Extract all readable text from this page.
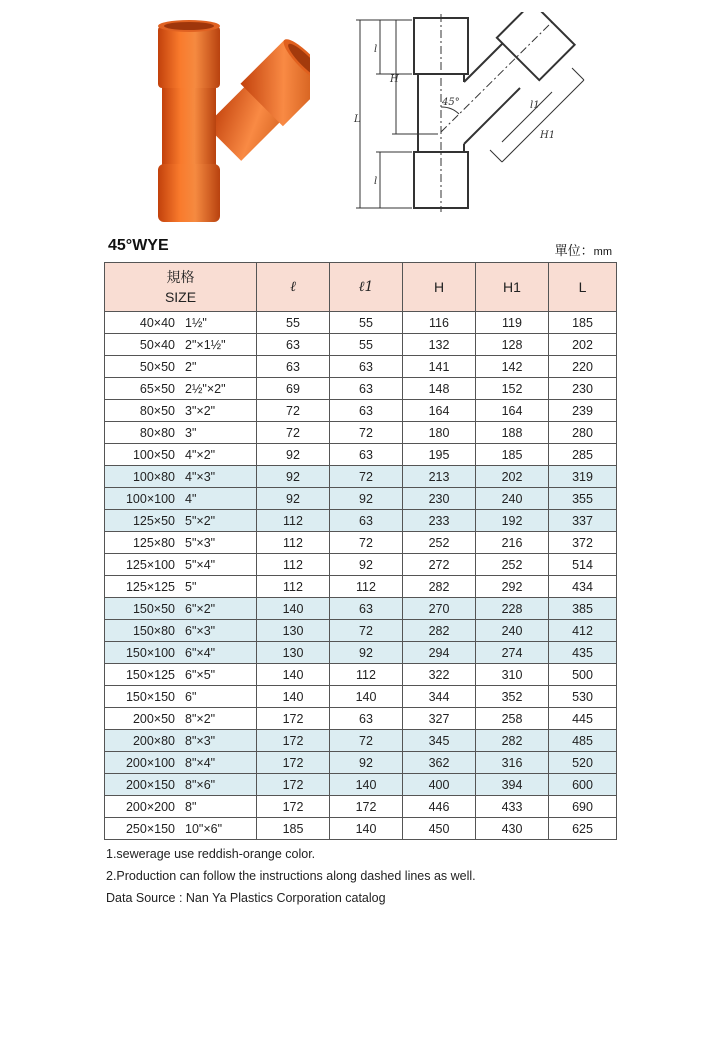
45°
L
l
H
l
l1
H1
45°WYE	單位：mm
規格
SIZE	ℓ	ℓ1	H	H1	L
40×40 1½"	55	55	116	119	185
50×40 2"×1½"	63	55	132	128	202
50×50 2"	63	63	141	142	220
65×50 2½"×2"	69	63	148	152	230
80×50 3"×2"	72	63	164	164	239
80×80 3"	72	72	180	188	280
100×50 4"×2"	92	63	195	185	285
100×80 4"×3"	92	72	213	202	319
100×100 4"	92	92	230	240	355
125×50 5"×2"	112	63	233	192	337
125×80 5"×3"	112	72	252	216	372
125×100 5"×4"	112	92	272	252	514
125×125 5"	112	112	282	292	434
150×50 6"×2"	140	63	270	228	385
150×80 6"×3"	130	72	282	240	412
150×100 6"×4"	130	92	294	274	435
150×125 6"×5"	140	112	322	310	500
150×150 6"	140	140	344	352	530
200×50 8"×2"	172	63	327	258	445
200×80 8"×3"	172	72	345	282	485
200×100 8"×4"	172	92	362	316	520
200×150 8"×6"	172	140	400	394	600
200×200 8"	172	172	446	433	690
250×150 10"×6"	185	140	450	430	625
1.sewerage use reddish-orange color.
2.Production can follow the instructions along dashed lines as well.
Data Source : Nan Ya Plastics Corporation catalog
